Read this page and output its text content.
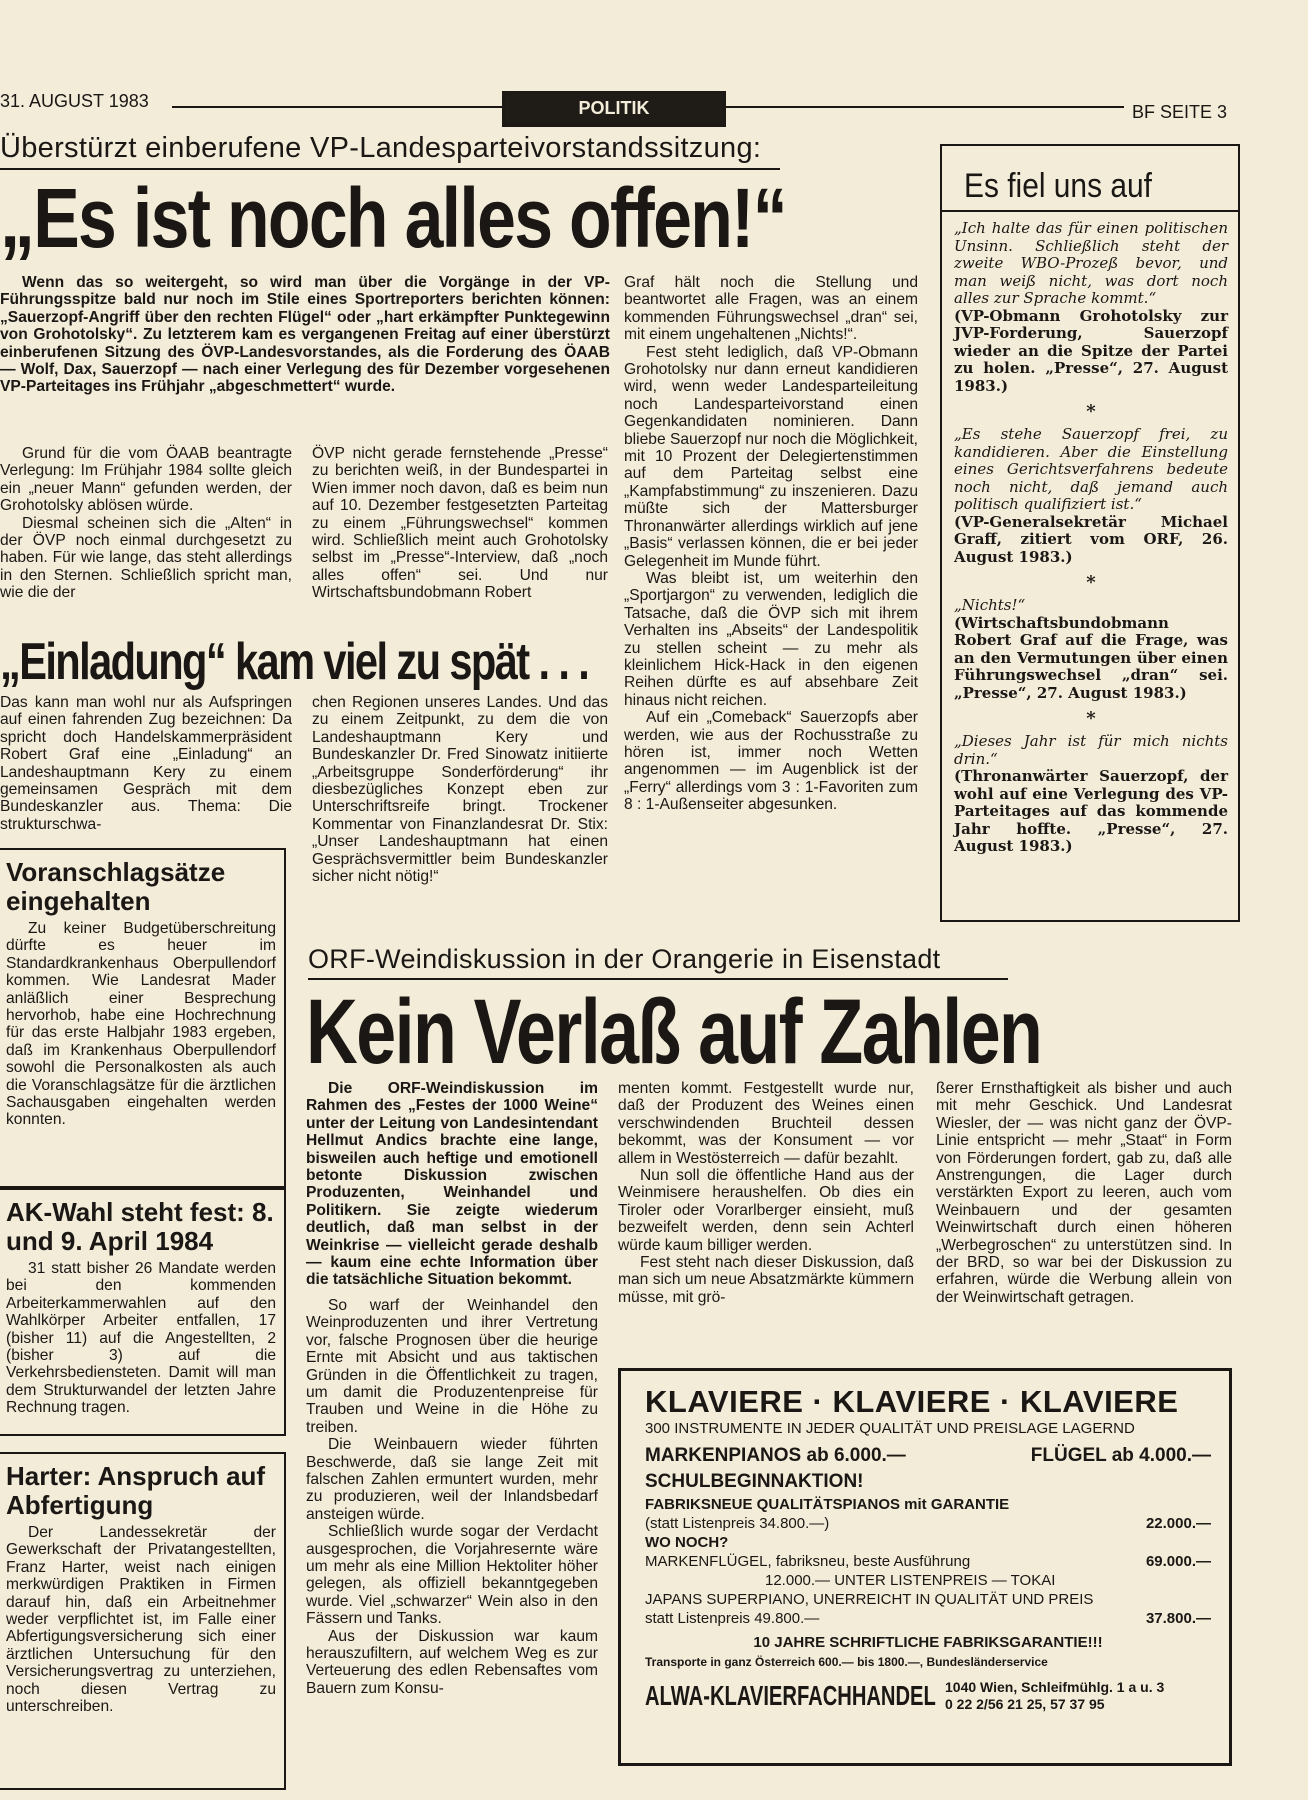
31. AUGUST 1983	POLITIK	BF SEITE 3
Überstürzt einberufene VP-Landesparteivorstandssitzung:
„Es ist noch alles offen!“

Wenn das so weitergeht, so wird man über die Vorgänge in der VP-Führungsspitze bald nur noch im Stile eines Sportreporters berichten können: „Sauerzopf-Angriff über den rechten Flügel“ oder „hart erkämpfter Punktegewinn von Grohotolsky“. Zu letzterem kam es vergangenen Freitag auf einer überstürzt einberufenen Sitzung des ÖVP-Landesvorstandes, als die Forderung des ÖAAB — Wolf, Dax, Sauerzopf — nach einer Verlegung des für Dezember vorgesehenen VP-Parteitages ins Frühjahr „abgeschmettert“ wurde.

Grund für die vom ÖAAB beantragte Verlegung: Im Frühjahr 1984 sollte gleich ein „neuer Mann“ gefunden werden, der Grohotolsky ablösen würde.

Diesmal scheinen sich die „Alten“ in der ÖVP noch einmal durchgesetzt zu haben. Für wie lange, das steht allerdings in den Sternen. Schließlich spricht man, wie die der

ÖVP nicht gerade fernstehende „Presse“ zu berichten weiß, in der Bundespartei in Wien immer noch davon, daß es beim nun auf 10. Dezember festgesetzten Parteitag zu einem „Führungswechsel“ kommen wird. Schließlich meint auch Grohotolsky selbst im „Presse“-Interview, daß „noch alles offen“ sei. Und nur Wirtschaftsbundobmann Robert

Graf hält noch die Stellung und beantwortet alle Fragen, was an einem kommenden Führungswechsel „dran“ sei, mit einem ungehaltenen „Nichts!“.

Fest steht lediglich, daß VP-Obmann Grohotolsky nur dann erneut kandidieren wird, wenn weder Landesparteileitung noch Landesparteivorstand einen Gegenkandidaten nominieren. Dann bliebe Sauerzopf nur noch die Möglichkeit, mit 10 Prozent der Delegiertenstimmen auf dem Parteitag selbst eine „Kampfabstimmung“ zu inszenieren. Dazu müßte sich der Mattersburger Thronanwärter allerdings wirklich auf jene „Basis“ verlassen können, die er bei jeder Gelegenheit im Munde führt.

Was bleibt ist, um weiterhin den „Sportjargon“ zu verwenden, lediglich die Tatsache, daß die ÖVP sich mit ihrem Verhalten ins „Abseits“ der Landespolitik zu stellen scheint — zu mehr als kleinlichem Hick-Hack in den eigenen Reihen dürfte es auf absehbare Zeit hinaus nicht reichen.

Auf ein „Comeback“ Sauerzopfs aber werden, wie aus der Rochusstraße zu hören ist, immer noch Wetten angenommen — im Augenblick ist der „Ferry“ allerdings vom 3 : 1-Favoriten zum 8 : 1-Außenseiter abgesunken.

„Einladung“ kam viel zu spät . . .

Das kann man wohl nur als Aufspringen auf einen fahrenden Zug bezeichnen: Da spricht doch Handelskammerpräsident Robert Graf eine „Einladung“ an Landeshauptmann Kery zu einem gemeinsamen Gespräch mit dem Bundeskanzler aus. Thema: Die strukturschwa-

chen Regionen unseres Landes. Und das zu einem Zeitpunkt, zu dem die von Landeshauptmann Kery und Bundeskanzler Dr. Fred Sinowatz initiierte „Arbeitsgruppe Sonderförderung“ ihr diesbezügliches Konzept eben zur Unterschriftsreife bringt. Trockener Kommentar von Finanzlandesrat Dr. Stix: „Unser Landeshauptmann hat einen Gesprächsvermittler beim Bundeskanzler sicher nicht nötig!“

Es fiel uns auf
„Ich halte das für einen politischen Unsinn. Schließlich steht der zweite WBO-Prozeß bevor, und man weiß nicht, was dort noch alles zur Sprache kommt.“
(VP-Obmann Grohotolsky zur JVP-Forderung, Sauerzopf wieder an die Spitze der Partei zu holen. „Presse“, 27. August 1983.)
*
„Es stehe Sauerzopf frei, zu kandidieren. Aber die Einstellung eines Gerichtsverfahrens bedeute noch nicht, daß jemand auch politisch qualifiziert ist.“
(VP-Generalsekretär Michael Graff, zitiert vom ORF, 26. August 1983.)
*
„Nichts!“
(Wirtschaftsbundobmann Robert Graf auf die Frage, was an den Vermutungen über einen Führungswechsel „dran“ sei. „Presse“, 27. August 1983.)
*
„Dieses Jahr ist für mich nichts drin.“
(Thronanwärter Sauerzopf, der wohl auf eine Verlegung des VP-Parteitages auf das kommende Jahr hoffte. „Presse“, 27. August 1983.)
Voranschlagsätze eingehalten

Zu keiner Budgetüberschreitung dürfte es heuer im Standardkrankenhaus Oberpullendorf kommen. Wie Landesrat Mader anläßlich einer Besprechung hervorhob, habe eine Hochrechnung für das erste Halbjahr 1983 ergeben, daß im Krankenhaus Oberpullendorf sowohl die Personalkosten als auch die Voranschlagsätze für die ärztlichen Sachausgaben eingehalten werden konnten.

AK-Wahl steht fest: 8. und 9. April 1984

31 statt bisher 26 Mandate werden bei den kommenden Arbeiterkammerwahlen auf den Wahlkörper Arbeiter entfallen, 17 (bisher 11) auf die Angestellten, 2 (bisher 3) auf die Verkehrsbediensteten. Damit will man dem Strukturwandel der letzten Jahre Rechnung tragen.

Harter: Anspruch auf Abfertigung

Der Landessekretär der Gewerkschaft der Privatangestellten, Franz Harter, weist nach einigen merkwürdigen Praktiken in Firmen darauf hin, daß ein Arbeitnehmer weder verpflichtet ist, im Falle einer Abfertigungsversicherung sich einer ärztlichen Untersuchung für den Versicherungsvertrag zu unterziehen, noch diesen Vertrag zu unterschreiben.

ORF-Weindiskussion in der Orangerie in Eisenstadt
Kein Verlaß auf Zahlen

Die ORF-Weindiskussion im Rahmen des „Festes der 1000 Weine“ unter der Leitung von Landesintendant Hellmut Andics brachte eine lange, bisweilen auch heftige und emotionell betonte Diskussion zwischen Produzenten, Weinhandel und Politikern. Sie zeigte wiederum deutlich, daß man selbst in der Weinkrise — vielleicht gerade deshalb — kaum eine echte Information über die tatsächliche Situation bekommt.

So warf der Weinhandel den Weinproduzenten und ihrer Vertretung vor, falsche Prognosen über die heurige Ernte mit Absicht und aus taktischen Gründen in die Öffentlichkeit zu tragen, um damit die Produzentenpreise für Trauben und Weine in die Höhe zu treiben.

Die Weinbauern wieder führten Beschwerde, daß sie lange Zeit mit falschen Zahlen ermuntert wurden, mehr zu produzieren, weil der Inlandsbedarf ansteigen würde.

Schließlich wurde sogar der Verdacht ausgesprochen, die Vorjahresernte wäre um mehr als eine Million Hektoliter höher gelegen, als offiziell bekanntgegeben wurde. Viel „schwarzer“ Wein also in den Fässern und Tanks.

Aus der Diskussion war kaum herauszufiltern, auf welchem Weg es zur Verteuerung des edlen Rebensaftes vom Bauern zum Konsu-

menten kommt. Festgestellt wurde nur, daß der Produzent des Weines einen verschwindenden Bruchteil dessen bekommt, was der Konsument — vor allem in Westösterreich — dafür bezahlt.

Nun soll die öffentliche Hand aus der Weinmisere heraushelfen. Ob dies ein Tiroler oder Vorarlberger einsieht, muß bezweifelt werden, denn sein Achterl würde kaum billiger werden.

Fest steht nach dieser Diskussion, daß man sich um neue Absatzmärkte kümmern müsse, mit grö-

ßerer Ernsthaftigkeit als bisher und auch mit mehr Geschick. Und Landesrat Wiesler, der — was nicht ganz der ÖVP-Linie entspricht — mehr „Staat“ in Form von Förderungen fordert, gab zu, daß alle Anstrengungen, die Lager durch verstärkten Export zu leeren, auch vom Weinbauern und der gesamten Weinwirtschaft durch einen höheren „Werbegroschen“ zu unterstützen sind. In der BRD, so war bei der Diskussion zu erfahren, würde die Werbung allein von der Weinwirtschaft getragen.

KLAVIERE · KLAVIERE · KLAVIERE
300 INSTRUMENTE IN JEDER QUALITÄT UND PREISLAGE LAGERND
MARKENPIANOS ab 6.000.—	FLÜGEL ab 4.000.—
SCHULBEGINNAKTION!
FABRIKSNEUE QUALITÄTSPIANOS mit GARANTIE
(statt Listenpreis 34.800.—)	22.000.—
WO NOCH?
MARKENFLÜGEL, fabriksneu, beste Ausführung	69.000.—
12.000.— UNTER LISTENPREIS — TOKAI
JAPANS SUPERPIANO, UNERREICHT IN QUALITÄT UND PREIS
statt Listenpreis 49.800.—	37.800.—
10 JAHRE SCHRIFTLICHE FABRIKSGARANTIE!!!
Transporte in ganz Österreich 600.— bis 1800.—, Bundesländerservice
ALWA-KLAVIERFACHHANDEL 1040 Wien, Schleifmühlg. 1 a u. 3
0 22 2/56 21 25, 57 37 95
